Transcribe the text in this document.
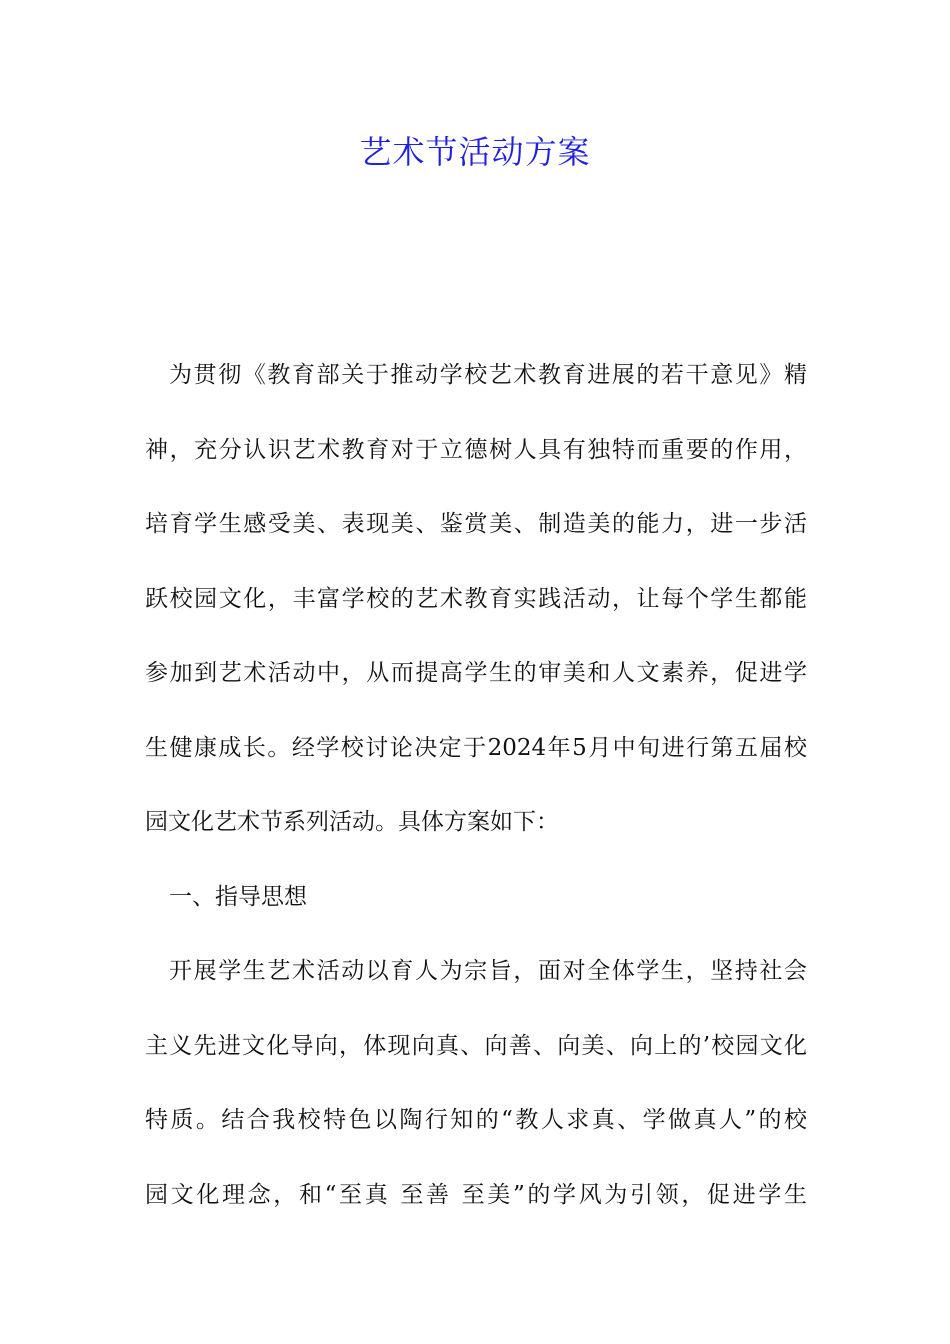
艺术节活动方案
为贯彻《教育部关于推动学校艺术教育进展的若干意见》精
神，充分认识艺术教育对于立德树人具有独特而重要的作用，
培育学生感受美、表现美、鉴赏美、制造美的能力，进一步活
跃校园文化，丰富学校的艺术教育实践活动，让每个学生都能
参加到艺术活动中，从而提高学生的审美和人文素养，促进学
生健康成长。经学校讨论决定于2024年5月中旬进行第五届校
园文化艺术节系列活动。具体方案如下：
一、指导思想
开展学生艺术活动以育人为宗旨，面对全体学生，坚持社会
主义先进文化导向，体现向真、向善、向美、向上的’校园文化
特质。结合我校特色以陶行知的“教人求真、学做真人”的校
园文化理念，和“至真 至善 至美”的学风为引领，促进学生
